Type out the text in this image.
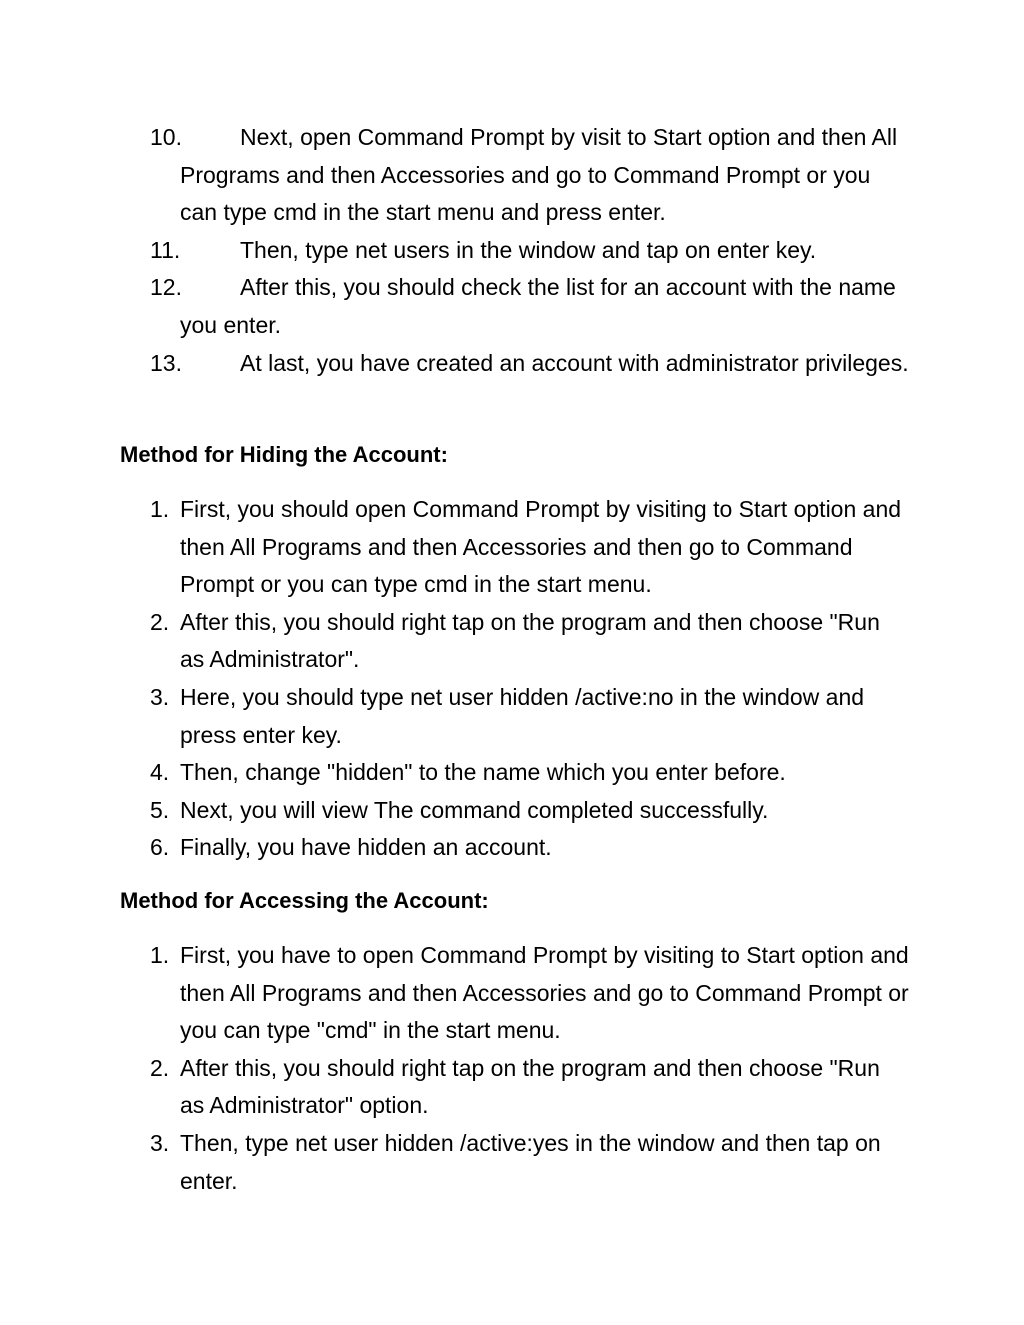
10.	Next, open Command Prompt by visit to Start option and then All Programs and then Accessories and go to Command Prompt or you can type cmd in the start menu and press enter.
11.	Then, type net users in the window and tap on enter key.
12.	After this, you should check the list for an account with the name you enter.
13.	At last, you have created an account with administrator privileges.
Method for Hiding the Account:
1. First, you should open Command Prompt by visiting to Start option and then All Programs and then Accessories and then go to Command Prompt or you can type cmd in the start menu.
2. After this, you should right tap on the program and then choose "Run as Administrator".
3. Here, you should type net user hidden /active:no in the window and press enter key.
4. Then, change "hidden" to the name which you enter before.
5. Next, you will view The command completed successfully.
6. Finally, you have hidden an account.
Method for Accessing the Account:
1. First, you have to open Command Prompt by visiting to Start option and then All Programs and then Accessories and go to Command Prompt or you can type "cmd" in the start menu.
2. After this, you should right tap on the program and then choose "Run as Administrator" option.
3. Then, type net user hidden /active:yes in the window and then tap on enter.
